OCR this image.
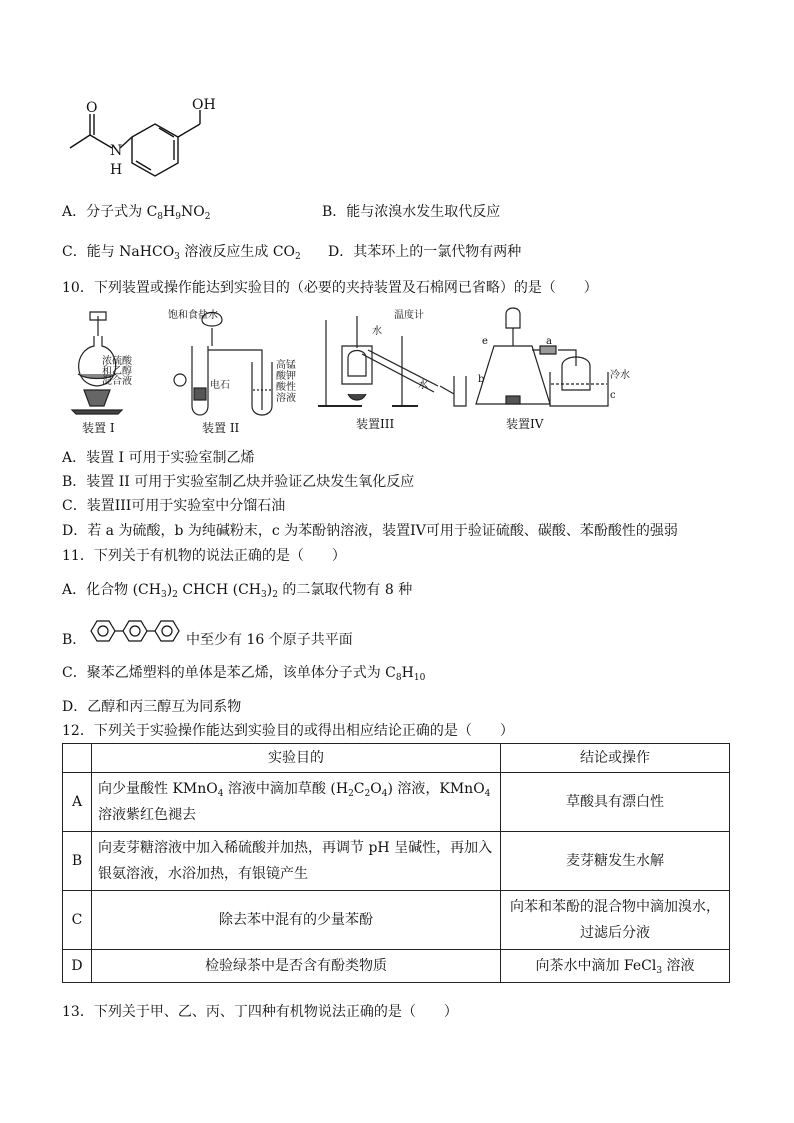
O
N
H
OH
A．分子式为 $C_8H_9NO_2$	B．能与浓溴水发生取代反应
C．能与 NaHCO$_3$ 溶液反应生成 $CO_2$ D．其苯环上的一氯代物有两种
10．下列装置或操作能达到实验目的（必要的夹持装置及石棉网已省略）的是（　　）
浓硫酸
和乙醇
混合液
饱和食盐水
电石
高锰
酸钾
酸性
溶液
温度计
水
水
a
e
b
c
冷水
装置 I	装置 II	装置III	装置IV
A．装置 I 可用于实验室制乙烯
B．装置 II 可用于实验室制乙炔并验证乙炔发生氧化反应
C．装置III可用于实验室中分馏石油
D．若 a 为硫酸，b 为纯碱粉末，c 为苯酚钠溶液，装置IV可用于验证硫酸、碳酸、苯酚酸性的强弱
11．下列关于有机物的说法正确的是（　　）
A．化合物 $(CH_3)_2$ CHCH $(CH_3)_2$ 的二氯取代物有 8 种
B．	中至少有 16 个原子共平面
C．聚苯乙烯塑料的单体是苯乙烯，该单体分子式为 $C_8H_{10}$
D．乙醇和丙三醇互为同系物
12．下列关于实验操作能达到实验目的或得出相应结论正确的是（　　）
	实验目的	结论或操作
A	向少量酸性 KMnO$_4$ 溶液中滴加草酸 $(H_2C_2O_4)$ 溶液，KMnO$_4$ 溶液紫红色褪去	草酸具有漂白性
B	向麦芽糖溶液中加入稀硫酸并加热，再调节 pH 呈碱性，再加入银氨溶液，水浴加热，有银镜产生	麦芽糖发生水解
C	除去苯中混有的少量苯酚	向苯和苯酚的混合物中滴加溴水，过滤后分液
D	检验绿茶中是否含有酚类物质	向茶水中滴加 FeCl$_3$ 溶液
13．下列关于甲、乙、丙、丁四种有机物说法正确的是（　　）
